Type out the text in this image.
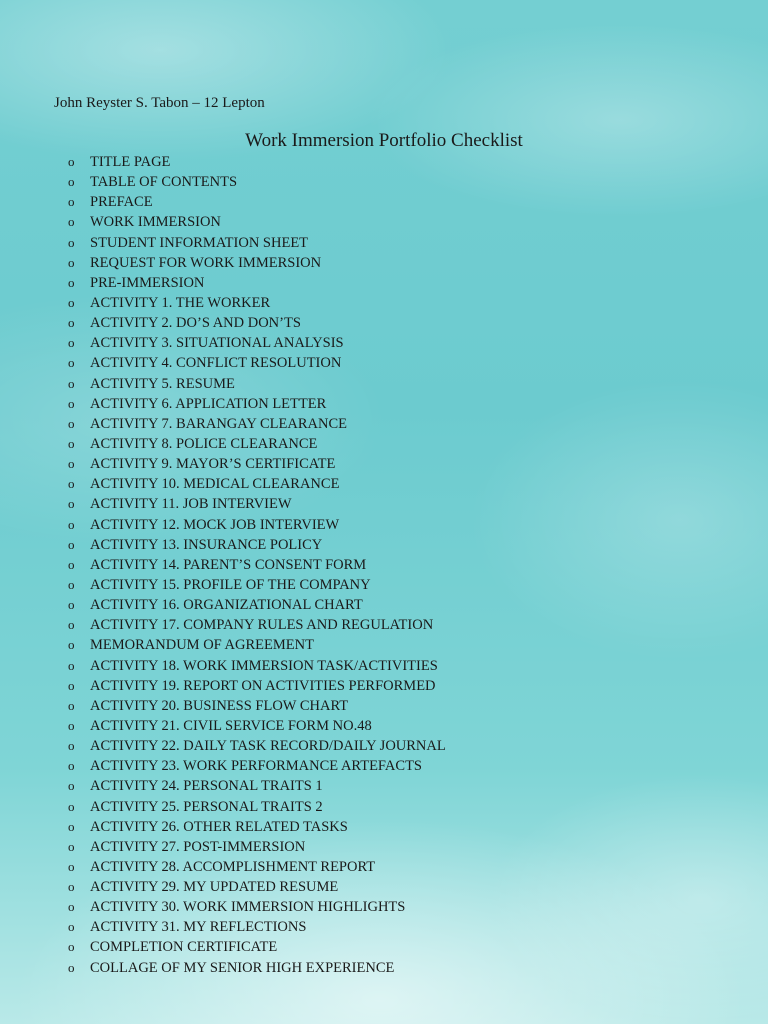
John Reyster S. Tabon – 12 Lepton
Work Immersion Portfolio Checklist
o TITLE PAGE
o TABLE OF CONTENTS
o PREFACE
o WORK IMMERSION
o STUDENT INFORMATION SHEET
o REQUEST FOR WORK IMMERSION
o PRE-IMMERSION
o ACTIVITY 1. THE WORKER
o ACTIVITY 2. DO’S AND DON’TS
o ACTIVITY 3. SITUATIONAL ANALYSIS
o ACTIVITY 4. CONFLICT RESOLUTION
o ACTIVITY 5. RESUME
o ACTIVITY 6. APPLICATION LETTER
o ACTIVITY 7. BARANGAY CLEARANCE
o ACTIVITY 8. POLICE CLEARANCE
o ACTIVITY 9. MAYOR’S CERTIFICATE
o ACTIVITY 10. MEDICAL CLEARANCE
o ACTIVITY 11. JOB INTERVIEW
o ACTIVITY 12. MOCK JOB INTERVIEW
o ACTIVITY 13. INSURANCE POLICY
o ACTIVITY 14. PARENT’S CONSENT FORM
o ACTIVITY 15. PROFILE OF THE COMPANY
o ACTIVITY 16. ORGANIZATIONAL CHART
o ACTIVITY 17. COMPANY RULES AND REGULATION
o MEMORANDUM OF AGREEMENT
o ACTIVITY 18. WORK IMMERSION TASK/ACTIVITIES
o ACTIVITY 19. REPORT ON ACTIVITIES PERFORMED
o ACTIVITY 20. BUSINESS FLOW CHART
o ACTIVITY 21. CIVIL SERVICE FORM NO.48
o ACTIVITY 22. DAILY TASK RECORD/DAILY JOURNAL
o ACTIVITY 23. WORK PERFORMANCE ARTEFACTS
o ACTIVITY 24. PERSONAL TRAITS 1
o ACTIVITY 25. PERSONAL TRAITS 2
o ACTIVITY 26. OTHER RELATED TASKS
o ACTIVITY 27. POST-IMMERSION
o ACTIVITY 28. ACCOMPLISHMENT REPORT
o ACTIVITY 29. MY UPDATED RESUME
o ACTIVITY 30. WORK IMMERSION HIGHLIGHTS
o ACTIVITY 31. MY REFLECTIONS
o COMPLETION CERTIFICATE
o COLLAGE OF MY SENIOR HIGH EXPERIENCE
